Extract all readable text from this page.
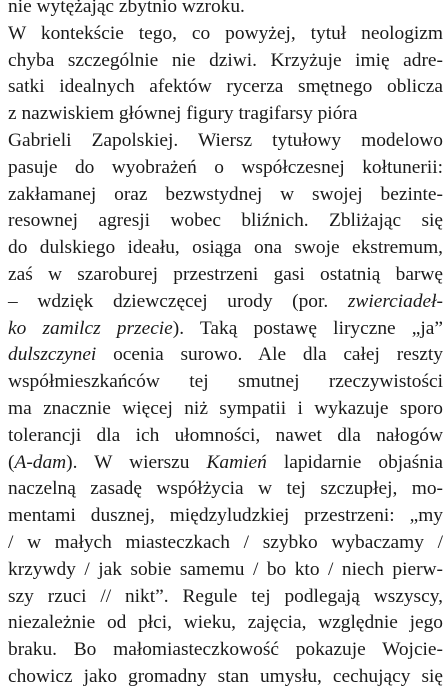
nie wytężając zbytnio wzroku.
W kontekście tego, co powyżej, tytuł neologizm
chyba szczególnie nie dziwi. Krzyżuje imię adre-
satki idealnych afektów rycerza smętnego oblicza
z nazwiskiem głównej figury tragifarsy pióra
Gabrieli Zapolskiej. Wiersz tytułowy modelowo
pasuje do wyobrażeń o współczesnej kołtunerii:
zakłamanej oraz bezwstydnej w swojej bezinte-
resownej agresji wobec bliźnich. Zbliżając się
do dulskiego ideału, osiąga ona swoje ekstremum,
zaś w szaroburej przestrzeni gasi ostatnią barwę
– wdzięk dziewczęcej urody (por. zwierciadeł-
ko zamilcz przecie). Taką postawę liryczne „ja”
dulszczynei ocenia surowo. Ale dla całej reszty
współmieszkańców tej smutnej rzeczywistości
ma znacznie więcej niż sympatii i wykazuje sporo
tolerancji dla ich ułomności, nawet dla nałogów
(A-dam). W wierszu Kamień lapidarnie objaśnia
naczelną zasadę współżycia w tej szczupłej, mo-
mentami dusznej, międzyludzkiej przestrzeni: „my
/ w małych miasteczkach / szybko wybaczamy /
krzywdy / jak sobie samemu / bo kto / niech pierw-
szy rzuci // nikt”. Regule tej podlegają wszyscy,
niezależnie od płci, wieku, zajęcia, względnie jego
braku. Bo małomiasteczkowość pokazuje Wojcie-
chowicz jako gromadny stan umysłu, cechujący się
